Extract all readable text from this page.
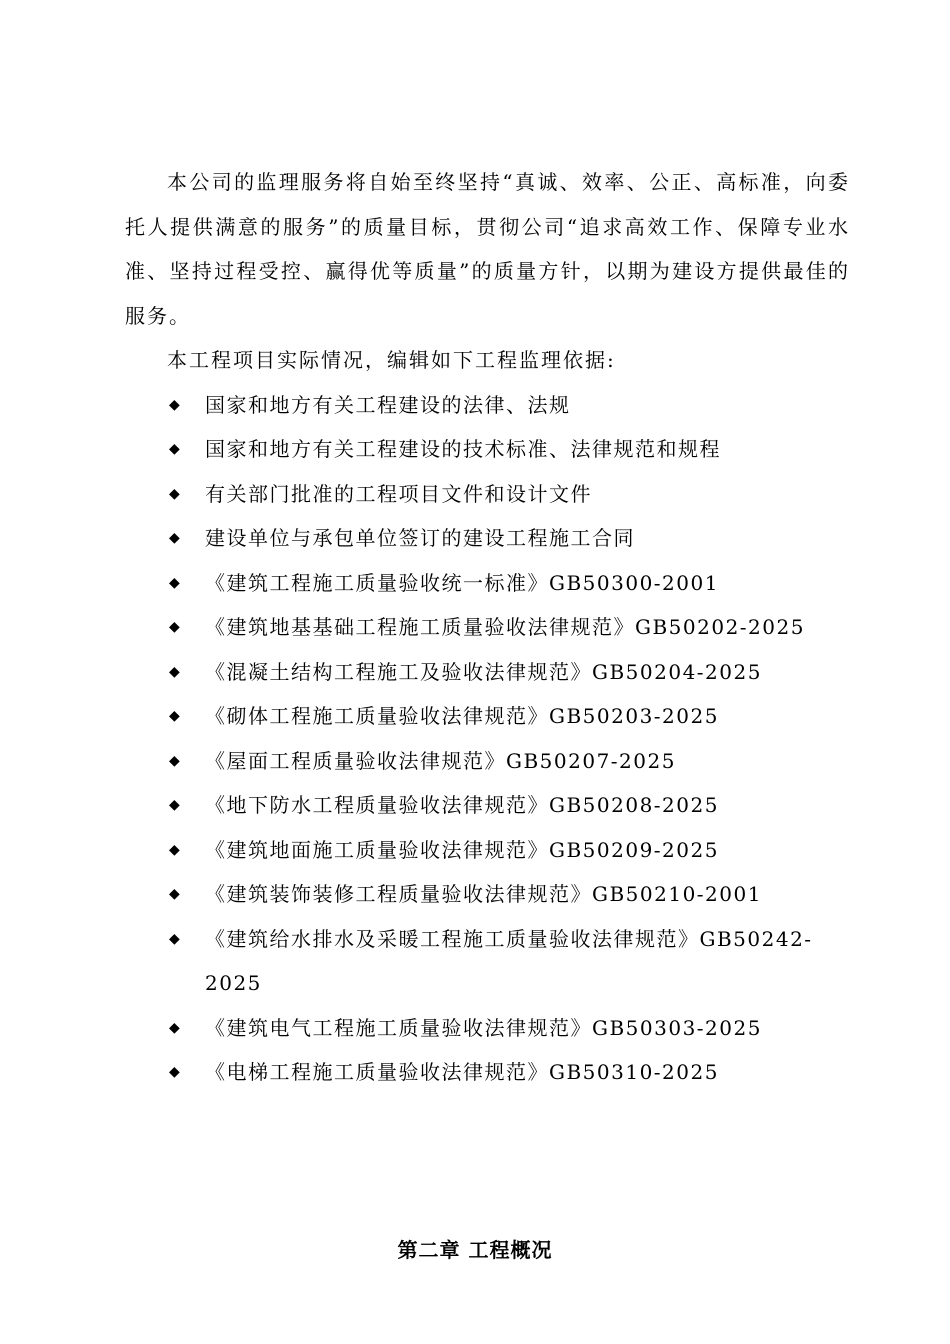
本公司的监理服务将自始至终坚持“真诚、效率、公正、高标准，向委托人提供满意的服务”的质量目标，贯彻公司“追求高效工作、保障专业水准、坚持过程受控、赢得优等质量”的质量方针，以期为建设方提供最佳的服务。

本工程项目实际情况，编辑如下工程监理依据:

◆ 国家和地方有关工程建设的法律、法规
◆ 国家和地方有关工程建设的技术标准、法律规范和规程
◆ 有关部门批准的工程项目文件和设计文件
◆ 建设单位与承包单位签订的建设工程施工合同
◆ 《建筑工程施工质量验收统一标准》GB50300-2001
◆ 《建筑地基基础工程施工质量验收法律规范》GB50202-2025
◆ 《混凝土结构工程施工及验收法律规范》GB50204-2025
◆ 《砌体工程施工质量验收法律规范》GB50203-2025
◆ 《屋面工程质量验收法律规范》GB50207-2025
◆ 《地下防水工程质量验收法律规范》GB50208-2025
◆ 《建筑地面施工质量验收法律规范》GB50209-2025
◆ 《建筑装饰装修工程质量验收法律规范》GB50210-2001
◆ 《建筑给水排水及采暖工程施工质量验收法律规范》GB50242-2025
◆ 《建筑电气工程施工质量验收法律规范》GB50303-2025
◆ 《电梯工程施工质量验收法律规范》GB50310-2025
第二章 工程概况
